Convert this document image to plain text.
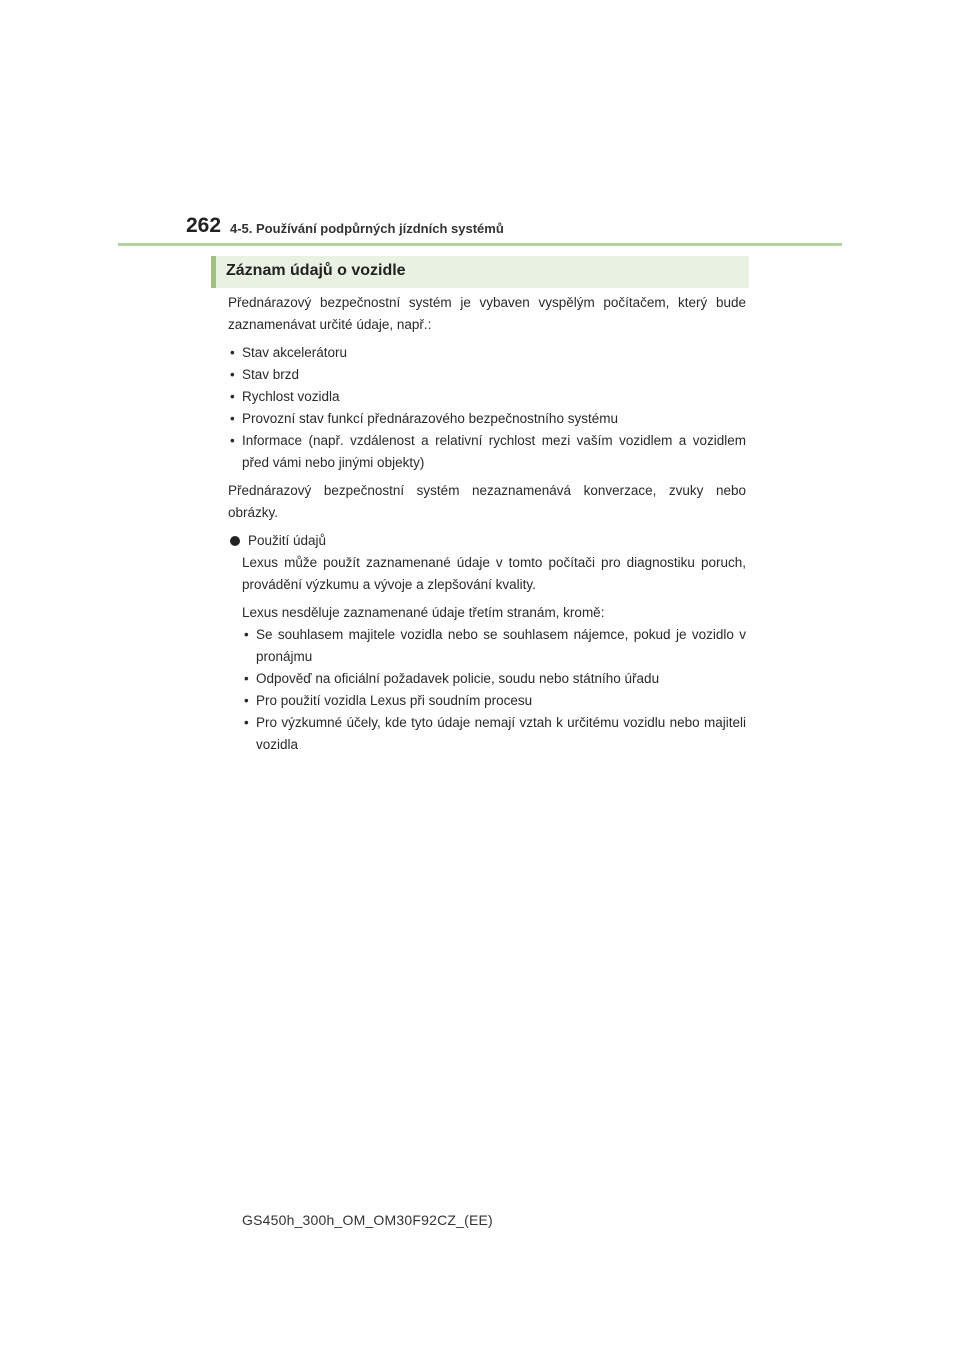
262 4-5. Používání podpůrných jízdních systémů
Záznam údajů o vozidle

Přednárazový bezpečnostní systém je vybaven vyspělým počítačem, který bude zaznamenávat určité údaje, např.:

• Stav akcelerátoru
• Stav brzd
• Rychlost vozidla
• Provozní stav funkcí přednárazového bezpečnostního systému
• Informace (např. vzdálenost a relativní rychlost mezi vaším vozidlem a vozidlem před vámi nebo jinými objekty)

Přednárazový bezpečnostní systém nezaznamenává konverzace, zvuky nebo obrázky.

Použití údajů

Lexus může použít zaznamenané údaje v tomto počítači pro diagnostiku poruch, provádění výzkumu a vývoje a zlepšování kvality.

Lexus nesděluje zaznamenané údaje třetím stranám, kromě:

• Se souhlasem majitele vozidla nebo se souhlasem nájemce, pokud je vozidlo v pronájmu
• Odpověď na oficiální požadavek policie, soudu nebo státního úřadu
• Pro použití vozidla Lexus při soudním procesu
• Pro výzkumné účely, kde tyto údaje nemají vztah k určitému vozidlu nebo majiteli vozidla
GS450h_300h_OM_OM30F92CZ_(EE)
